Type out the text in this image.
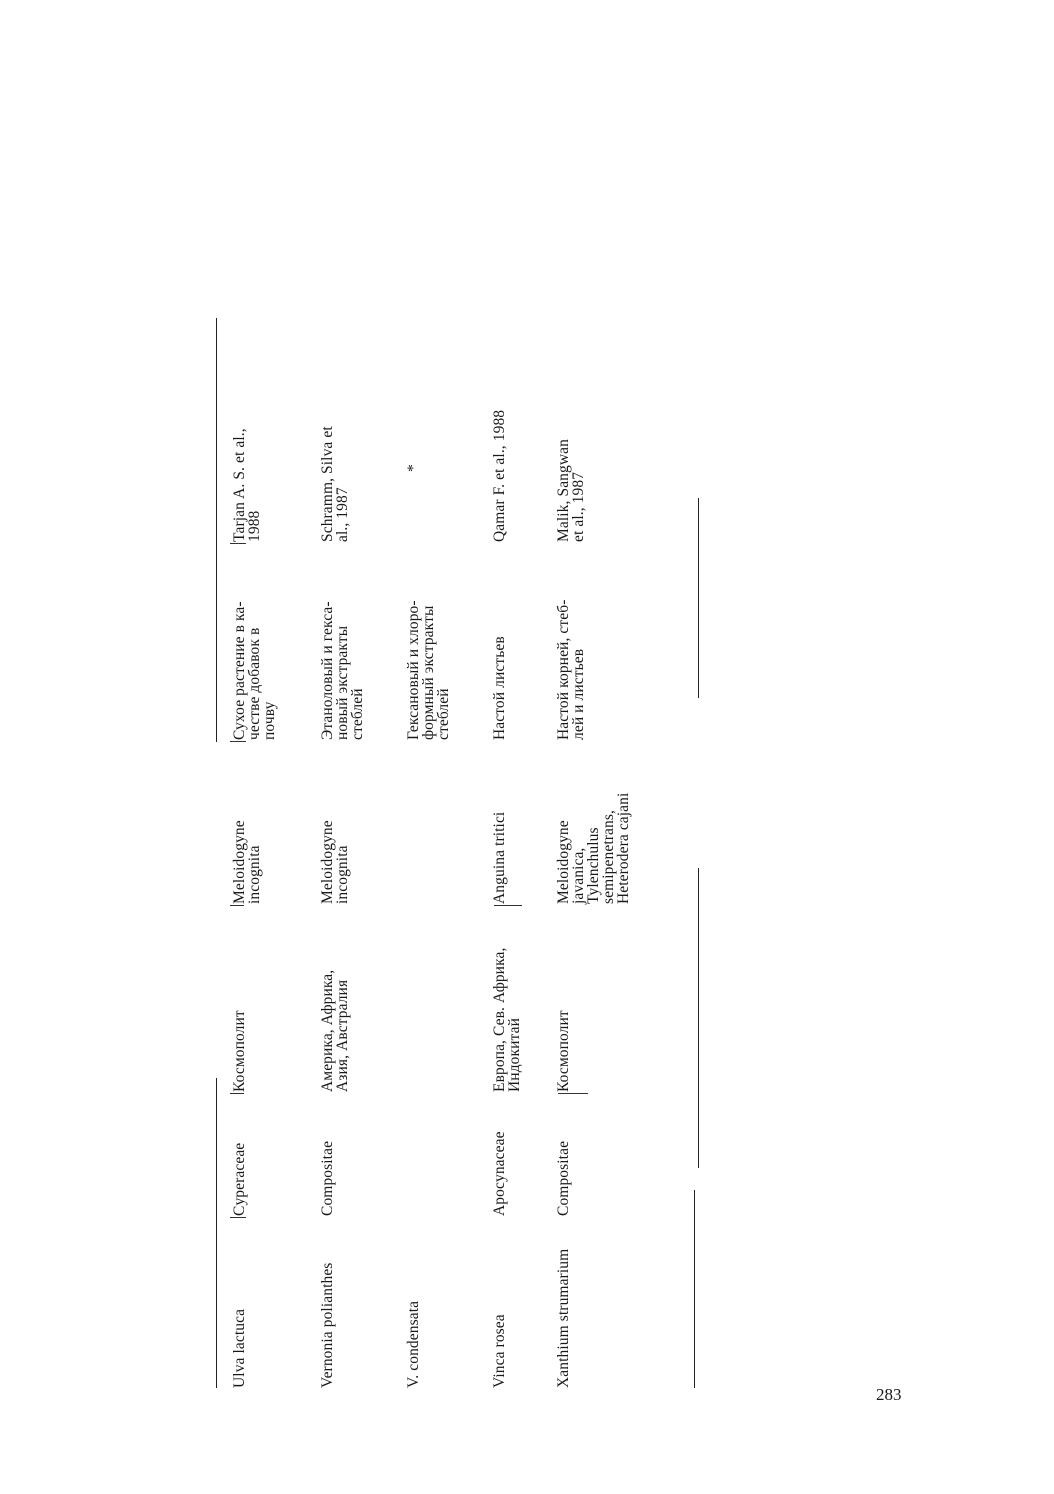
Ulva lactuca
Cyperaceae
Космополит
Meloidogyne
incognita
Сухое растение в ка-
честве добавок в
почву
Tarjan A. S. et al.,
1988
Vernonia polianthes
Compositae
Америка, Африка,
Азия, Австралия
Meloidogyne
incognita
Этаноловый и гекса-
новый экстракты
стеблей
Schramm, Silva et
al., 1987
V. condensata
Гексановый и хлоро-
формный экстракты
стеблей
*
Vinca rosea
Apocynaceae
Европа, Сев. Африка,
Индокитай
Anguina tritici
Настой листьев
Qamar F. et al., 1988
Xanthium strumarium
Compositae
Космополит
Meloidogyne
javanica,
Tylenchulus
semipenetrans,
Heterodera cajani
Настой корней, стеб-
лей и листьев
Malik, Sangwan
et al., 1987
283
